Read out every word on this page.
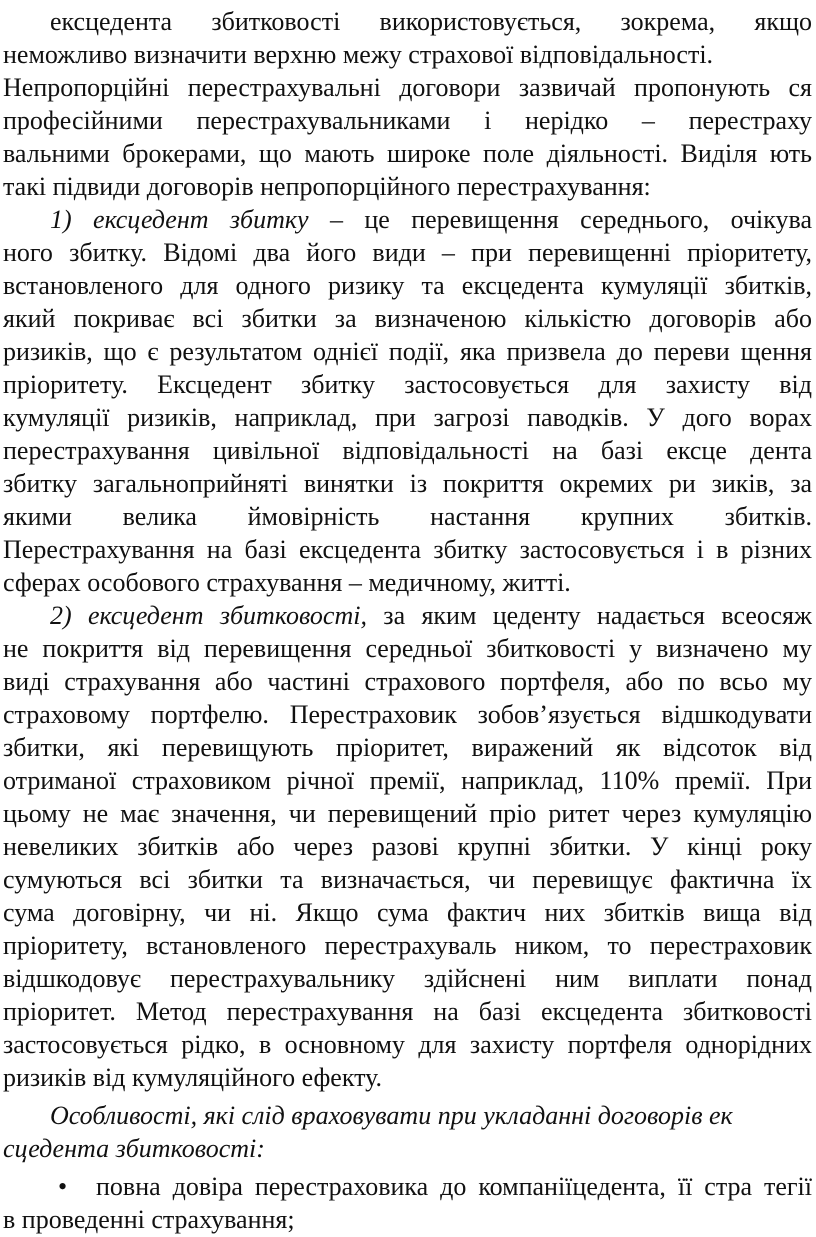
ексцедента збитковості використовується, зокрема, якщо
неможливо визначити верхню межу страхової відповідальності.
Непропорційні перестрахувальні договори зазвичай пропонують ся
професійними перестрахувальниками і нерідко – перестраху
вальними брокерами, що мають широке поле діяльності. Виділя ють
такі підвиди договорів непропорційного перестрахування:
1) ексцедент збитку – це перевищення середнього, очікува
ного збитку. Відомі два його види – при перевищенні пріоритету,
встановленого для одного ризику та ексцедента кумуляції збитків,
який покриває всі збитки за визначеною кількістю договорів або
ризиків, що є результатом однієї події, яка призвела до переви щення
пріоритету. Ексцедент збитку застосовується для захисту від
кумуляції ризиків, наприклад, при загрозі паводків. У дого ворах
перестрахування цивільної відповідальності на базі ексце дента
збитку загальноприйняті винятки із покриття окремих ри зиків, за
якими велика ймовірність настання крупних збитків.
Перестрахування на базі ексцедента збитку застосовується і в різних
сферах особового страхування – медичному, житті.
2) ексцедент збитковості, за яким цеденту надається всеосяж
не покриття від перевищення середньої збитковості у визначено му
виді страхування або частині страхового портфеля, або по всьо му
страховому портфелю. Перестраховик зобов’язується відшкодувати
збитки, які перевищують пріоритет, виражений як відсоток від
отриманої страховиком річної премії, наприклад, 110% премії. При
цьому не має значення, чи перевищений пріо ритет через кумуляцію
невеликих збитків або через разові крупні збитки. У кінці року
сумуються всі збитки та визначається, чи перевищує фактична їх
сума договірну, чи ні. Якщо сума фактич них збитків вища від
пріоритету, встановленого перестрахуваль ником, то перестраховик
відшкодовує перестрахувальнику здійснені ним виплати понад
пріоритет. Метод перестрахування на базі ексцедента збитковості
застосовується рідко, в основному для захисту портфеля однорідних
ризиків від кумуляційного ефекту.
Особливості, які слід враховувати при укладанні договорів ек
сцедента збитковості:
• повна довіра перестраховика до компаніїцедента, її стра тегії
в проведенні страхування;
